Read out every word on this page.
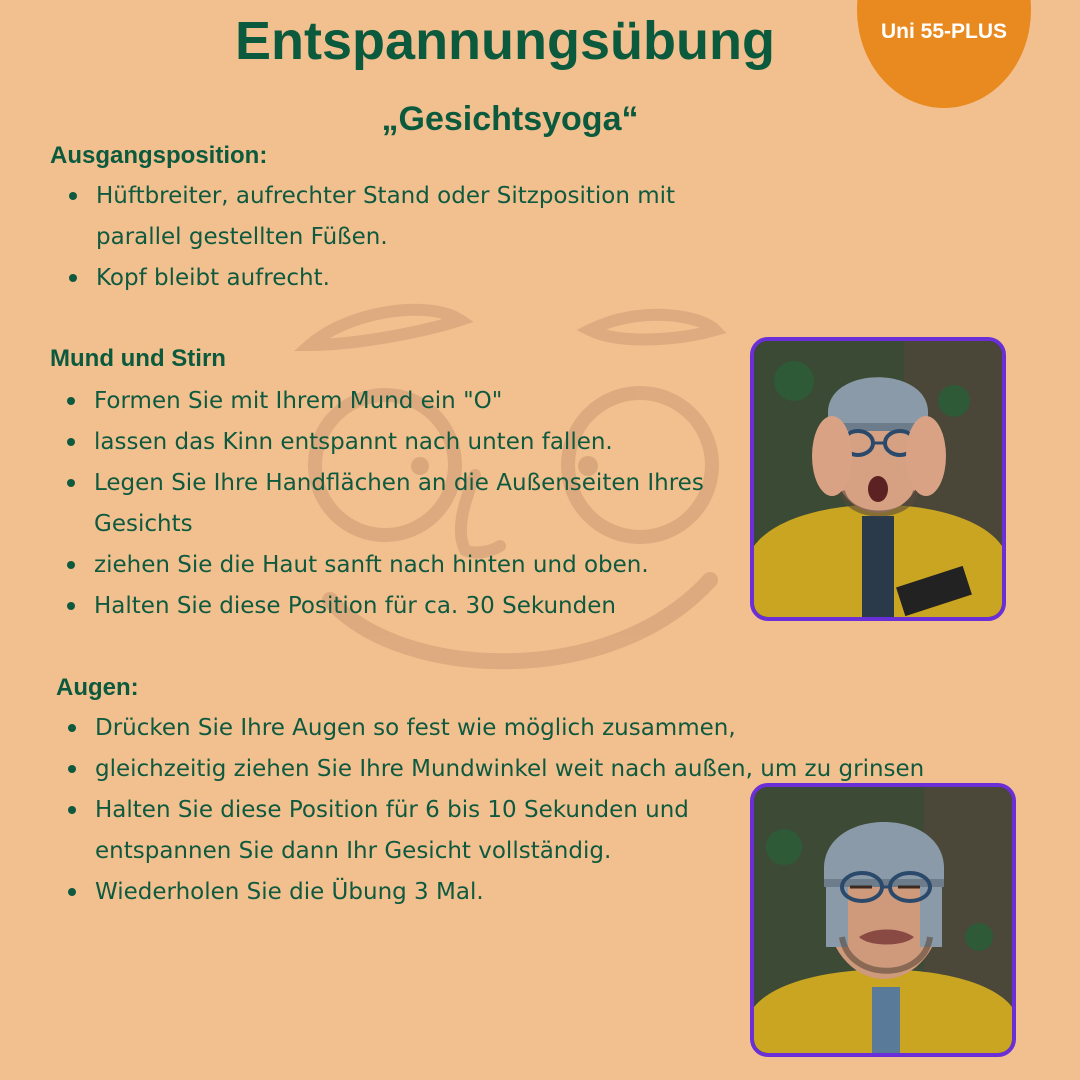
Uni 55-PLUS
Entspannungsübung
„Gesichtsyoga“
Ausgangsposition:
Hüftbreiter, aufrechter Stand oder Sitzposition mit parallel gestellten Füßen.
Kopf bleibt aufrecht.
Mund und Stirn
Formen Sie mit Ihrem Mund ein "O"
lassen das Kinn entspannt nach unten fallen.
Legen Sie Ihre Handflächen an die Außenseiten Ihres Gesichts
ziehen Sie die Haut sanft nach hinten und oben.
Halten Sie diese Position für ca. 30 Sekunden
Augen:
Drücken Sie Ihre Augen so fest wie möglich zusammen,
gleichzeitig ziehen Sie Ihre Mundwinkel weit nach außen, um zu grinsen
Halten Sie diese Position für 6 bis 10 Sekunden und entspannen Sie dann Ihr Gesicht vollständig.
Wiederholen Sie die Übung 3 Mal.
